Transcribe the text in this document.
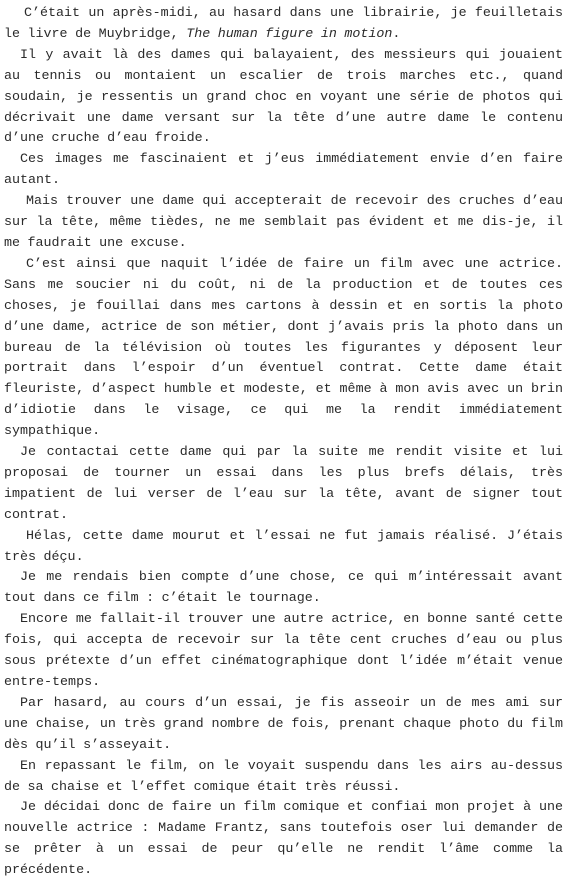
C’était un après-midi, au hasard dans une librairie, je feuilletais le livre de Muybridge, The human figure in motion.

Il y avait là des dames qui balayaient, des messieurs qui jouaient au tennis ou montaient un escalier de trois marches etc., quand soudain, je ressentis un grand choc en voyant une série de photos qui décrivait une dame versant sur la tête d’une autre dame le contenu d’une cruche d’eau froide.

Ces images me fascinaient et j’eus immédiatement envie d’en faire autant.

Mais trouver une dame qui accepterait de recevoir des cruches d’eau sur la tête, même tièdes, ne me semblait pas évident et me dis-je, il me faudrait une excuse.

C’est ainsi que naquit l’idée de faire un film avec une actrice. Sans me soucier ni du coût, ni de la production et de toutes ces choses, je fouillai dans mes cartons à dessin et en sortis la photo d’une dame, actrice de son métier, dont j’avais pris la photo dans un bureau de la télévision où toutes les figurantes y déposent leur portrait dans l’espoir d’un éventuel contrat. Cette dame était fleuriste, d’aspect humble et modeste, et même à mon avis avec un brin d’idiotie dans le visage, ce qui me la rendit immédiatement sympathique.

Je contactai cette dame qui par la suite me rendit visite et lui proposai de tourner un essai dans les plus brefs délais, très impatient de lui verser de l’eau sur la tête, avant de signer tout contrat.

Hélas, cette dame mourut et l’essai ne fut jamais réalisé. J’étais très déçu.

Je me rendais bien compte d’une chose, ce qui m’intéressait avant tout dans ce film : c’était le tournage.

Encore me fallait-il trouver une autre actrice, en bonne santé cette fois, qui accepta de recevoir sur la tête cent cruches d’eau ou plus sous prétexte d’un effet cinématographique dont l’idée m’était venue entre-temps.

Par hasard, au cours d’un essai, je fis asseoir un de mes ami sur une chaise, un très grand nombre de fois, prenant chaque photo du film dès qu’il s’asseyait.

En repassant le film, on le voyait suspendu dans les airs au-dessus de sa chaise et l’effet comique était très réussi.

Je décidai donc de faire un film comique et confiai mon projet à une nouvelle actrice : Madame Frantz, sans toutefois oser lui demander de se prêter à un essai de peur qu’elle ne rendit l’âme comme la précédente.
